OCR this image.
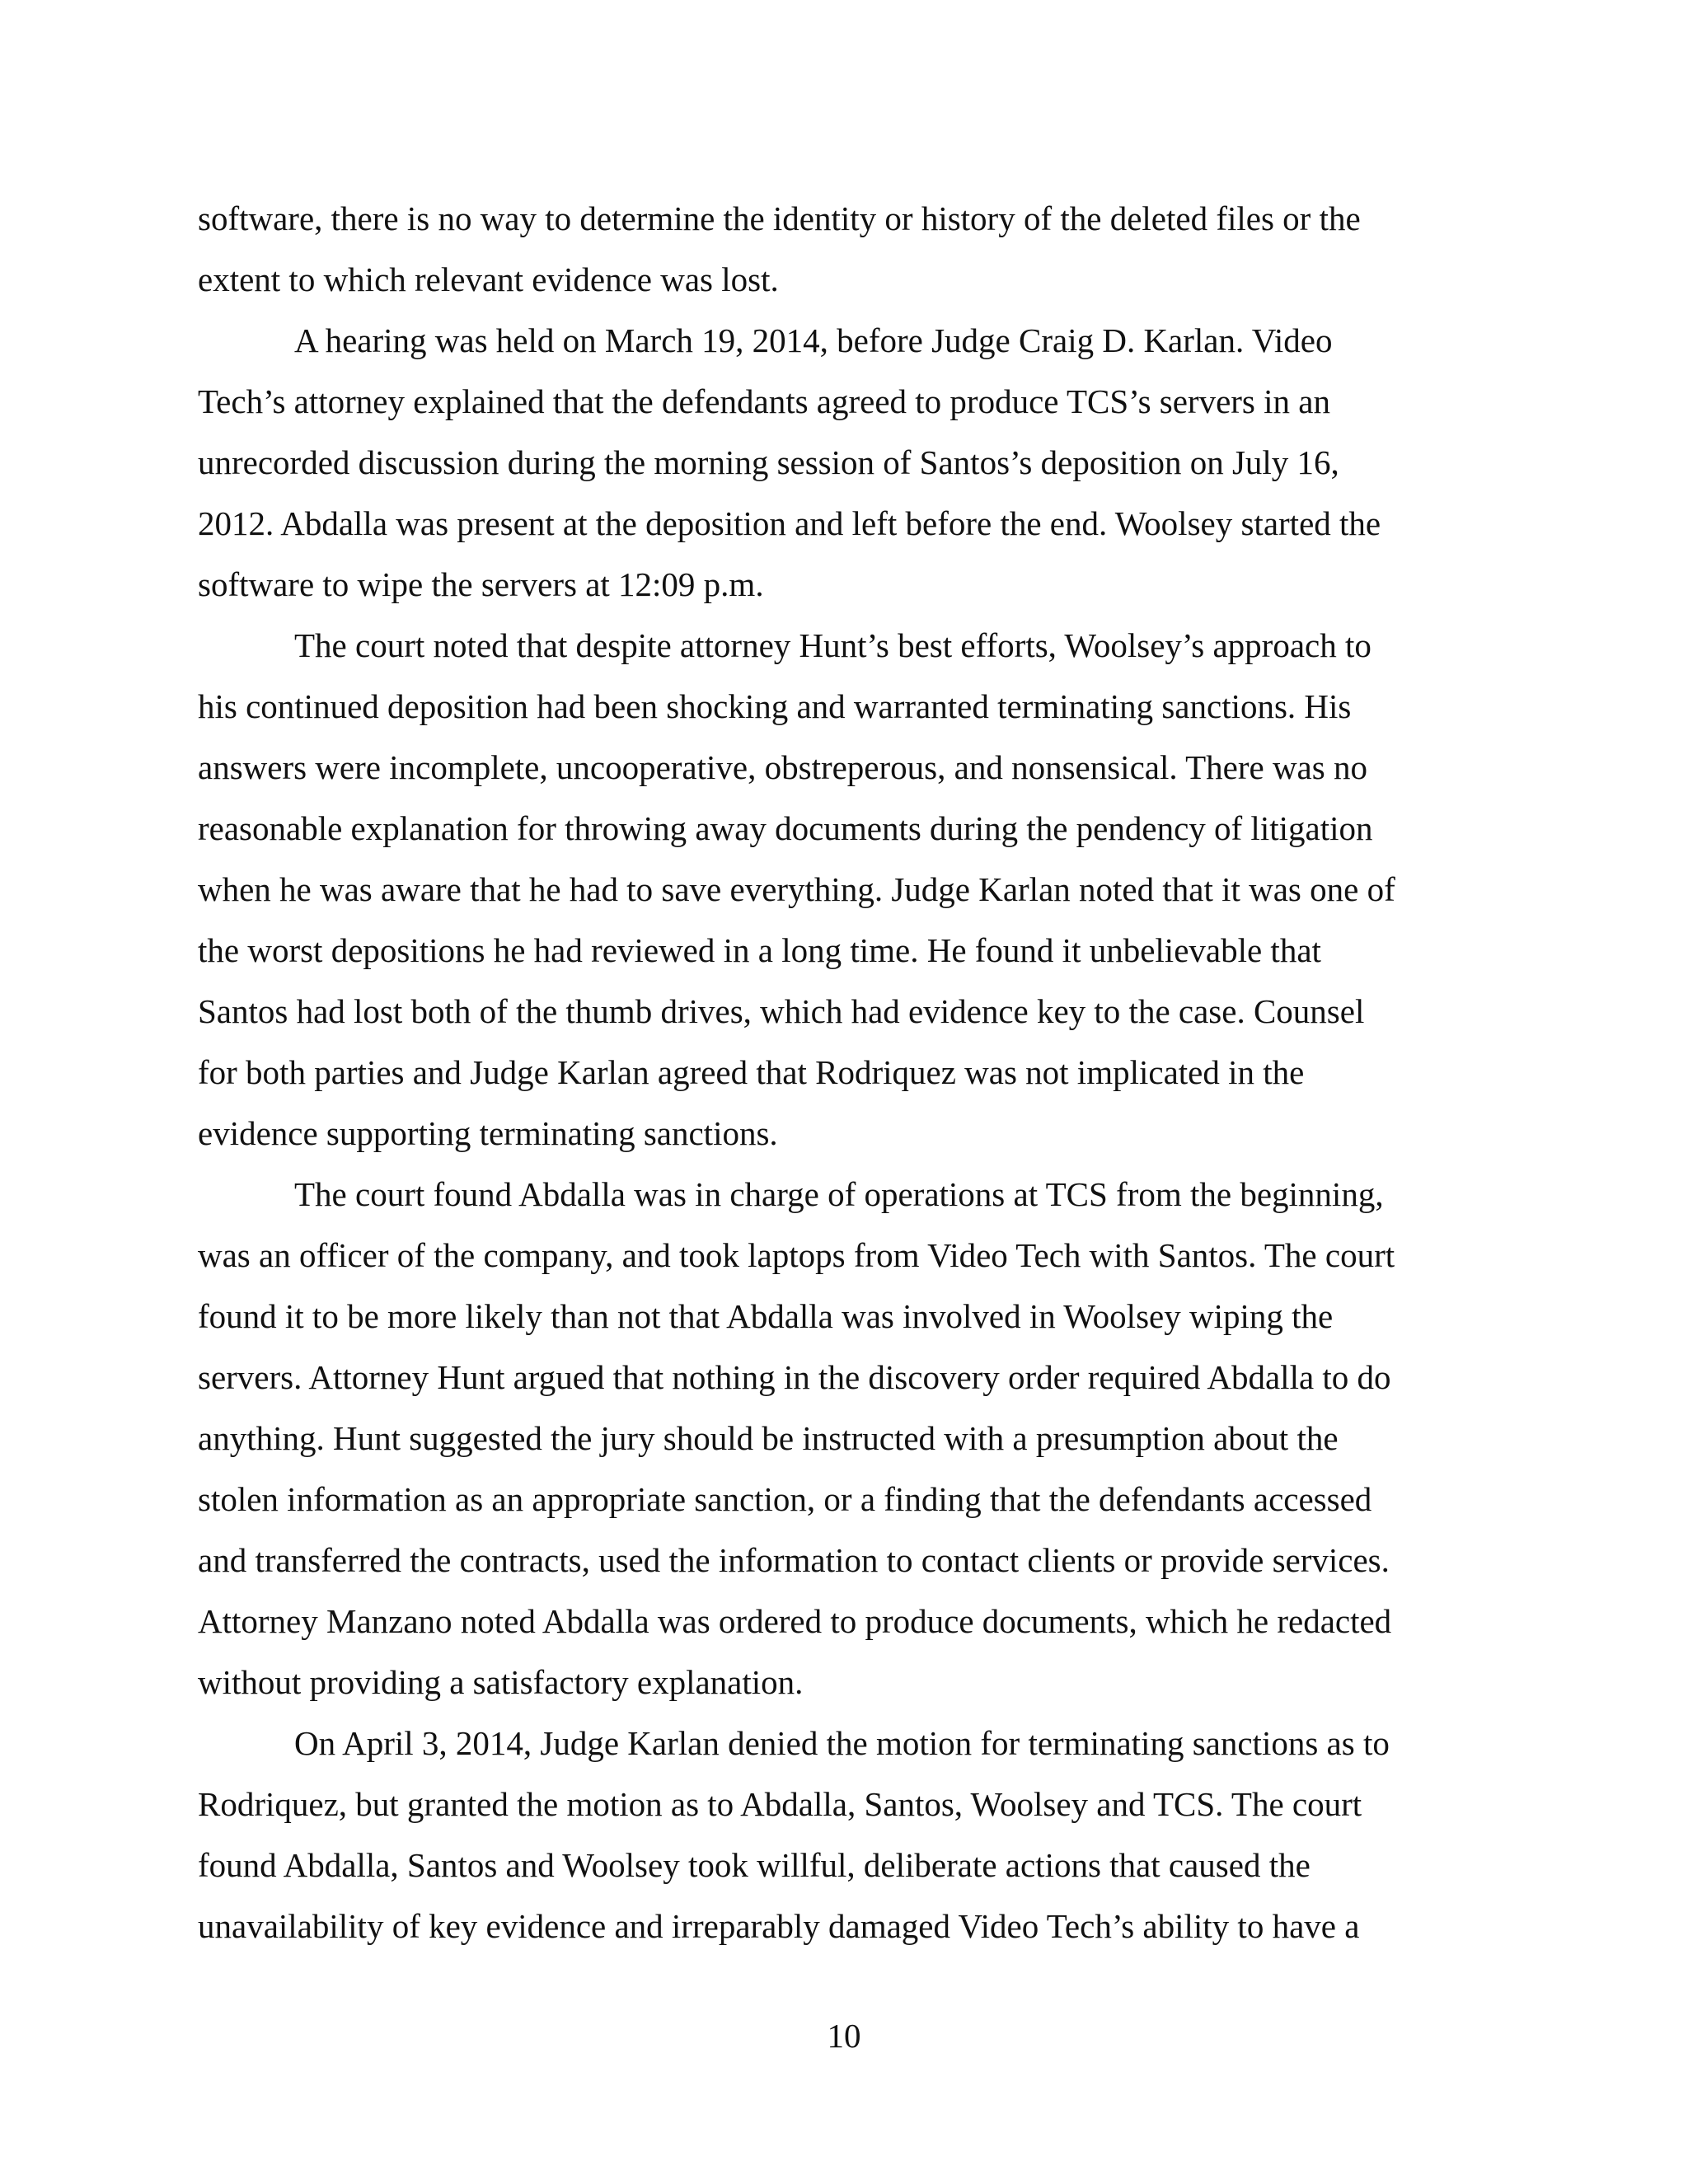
software, there is no way to determine the identity or history of the deleted files or the

extent to which relevant evidence was lost.

A hearing was held on March 19, 2014, before Judge Craig D. Karlan. Video

Tech’s attorney explained that the defendants agreed to produce TCS’s servers in an

unrecorded discussion during the morning session of Santos’s deposition on July 16,

2012. Abdalla was present at the deposition and left before the end. Woolsey started the

software to wipe the servers at 12:09 p.m.

The court noted that despite attorney Hunt’s best efforts, Woolsey’s approach to

his continued deposition had been shocking and warranted terminating sanctions. His

answers were incomplete, uncooperative, obstreperous, and nonsensical. There was no

reasonable explanation for throwing away documents during the pendency of litigation

when he was aware that he had to save everything. Judge Karlan noted that it was one of

the worst depositions he had reviewed in a long time. He found it unbelievable that

Santos had lost both of the thumb drives, which had evidence key to the case. Counsel

for both parties and Judge Karlan agreed that Rodriquez was not implicated in the

evidence supporting terminating sanctions.

The court found Abdalla was in charge of operations at TCS from the beginning,

was an officer of the company, and took laptops from Video Tech with Santos. The court

found it to be more likely than not that Abdalla was involved in Woolsey wiping the

servers. Attorney Hunt argued that nothing in the discovery order required Abdalla to do

anything. Hunt suggested the jury should be instructed with a presumption about the

stolen information as an appropriate sanction, or a finding that the defendants accessed

and transferred the contracts, used the information to contact clients or provide services.

Attorney Manzano noted Abdalla was ordered to produce documents, which he redacted

without providing a satisfactory explanation.

On April 3, 2014, Judge Karlan denied the motion for terminating sanctions as to

Rodriquez, but granted the motion as to Abdalla, Santos, Woolsey and TCS. The court

found Abdalla, Santos and Woolsey took willful, deliberate actions that caused the

unavailability of key evidence and irreparably damaged Video Tech’s ability to have a

10
